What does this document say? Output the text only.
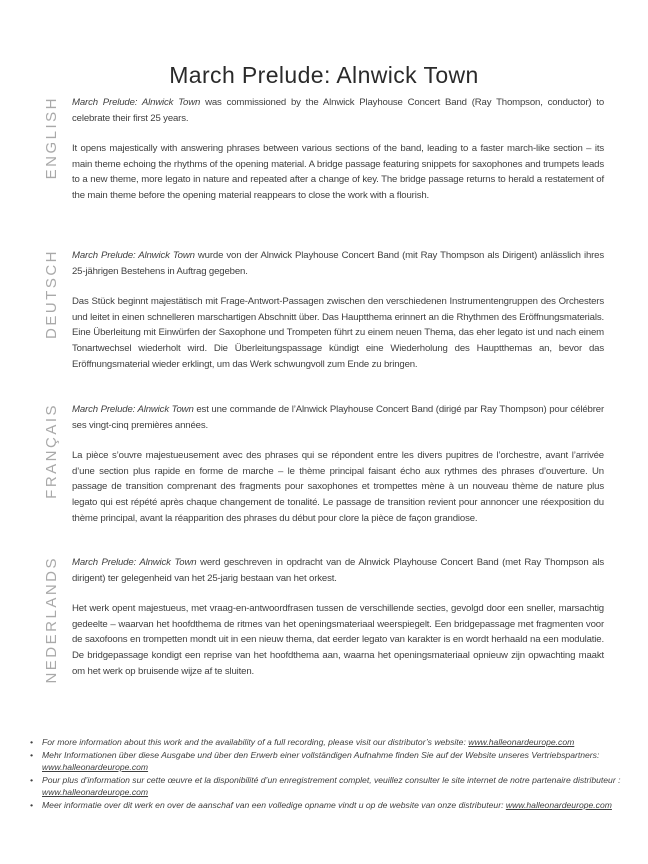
March Prelude: Alnwick Town
ENGLISH March Prelude: Alnwick Town was commissioned by the Alnwick Playhouse Concert Band (Ray Thompson, conductor) to celebrate their first 25 years.

It opens majestically with answering phrases between various sections of the band, leading to a faster march-like section – its main theme echoing the rhythms of the opening material. A bridge passage featuring snippets for saxophones and trumpets leads to a new theme, more legato in nature and repeated after a change of key. The bridge passage returns to herald a restatement of the main theme before the opening material reappears to close the work with a flourish.

DEUTSCH March Prelude: Alnwick Town wurde von der Alnwick Playhouse Concert Band (mit Ray Thompson als Dirigent) anlässlich ihres 25-jährigen Bestehens in Auftrag gegeben.

Das Stück beginnt majestätisch mit Frage-Antwort-Passagen zwischen den verschiedenen Instrumentengruppen des Orchesters und leitet in einen schnelleren marschartigen Abschnitt über. Das Hauptthema erinnert an die Rhythmen des Eröffnungsmaterials. Eine Überleitung mit Einwürfen der Saxophone und Trompeten führt zu einem neuen Thema, das eher legato ist und nach einem Tonartwechsel wiederholt wird. Die Überleitungspassage kündigt eine Wiederholung des Hauptthemas an, bevor das Eröffnungsmaterial wieder erklingt, um das Werk schwungvoll zum Ende zu bringen.

FRANÇAIS March Prelude: Alnwick Town est une commande de l’Alnwick Playhouse Concert Band (dirigé par Ray Thompson) pour célébrer ses vingt-cinq premières années.

La pièce s’ouvre majestueusement avec des phrases qui se répondent entre les divers pupitres de l’orchestre, avant l’arrivée d’une section plus rapide en forme de marche – le thème principal faisant écho aux rythmes des phrases d’ouverture. Un passage de transition comprenant des fragments pour saxophones et trompettes mène à un nouveau thème de nature plus legato qui est répété après chaque changement de tonalité. Le passage de transition revient pour annoncer une réexposition du thème principal, avant la réapparition des phrases du début pour clore la pièce de façon grandiose.

NEDERLANDS March Prelude: Alnwick Town werd geschreven in opdracht van de Alnwick Playhouse Concert Band (met Ray Thompson als dirigent) ter gelegenheid van het 25-jarig bestaan van het orkest.

Het werk opent majestueus, met vraag-en-antwoordfrasen tussen de verschillende secties, gevolgd door een sneller, marsachtig gedeelte – waarvan het hoofdthema de ritmes van het openingsmateriaal weerspiegelt. Een bridgepassage met fragmenten voor de saxofoons en trompetten mondt uit in een nieuw thema, dat eerder legato van karakter is en wordt herhaald na een modulatie. De bridgepassage kondigt een reprise van het hoofdthema aan, waarna het openingsmateriaal opnieuw zijn opwachting maakt om het werk op bruisende wijze af te sluiten.

•	For more information about this work and the availability of a full recording, please visit our distributor’s website: www.halleonardeurope.com
•	Mehr Informationen über diese Ausgabe und über den Erwerb einer vollständigen Aufnahme finden Sie auf der Website unseres Vertriebspartners: www.halleonardeurope.com
•	Pour plus d’information sur cette œuvre et la disponibilité d’un enregistrement complet, veuillez consulter le site internet de notre partenaire distributeur : www.halleonardeurope.com
•	Meer informatie over dit werk en over de aanschaf van een volledige opname vindt u op de website van onze distributeur: www.halleonardeurope.com
